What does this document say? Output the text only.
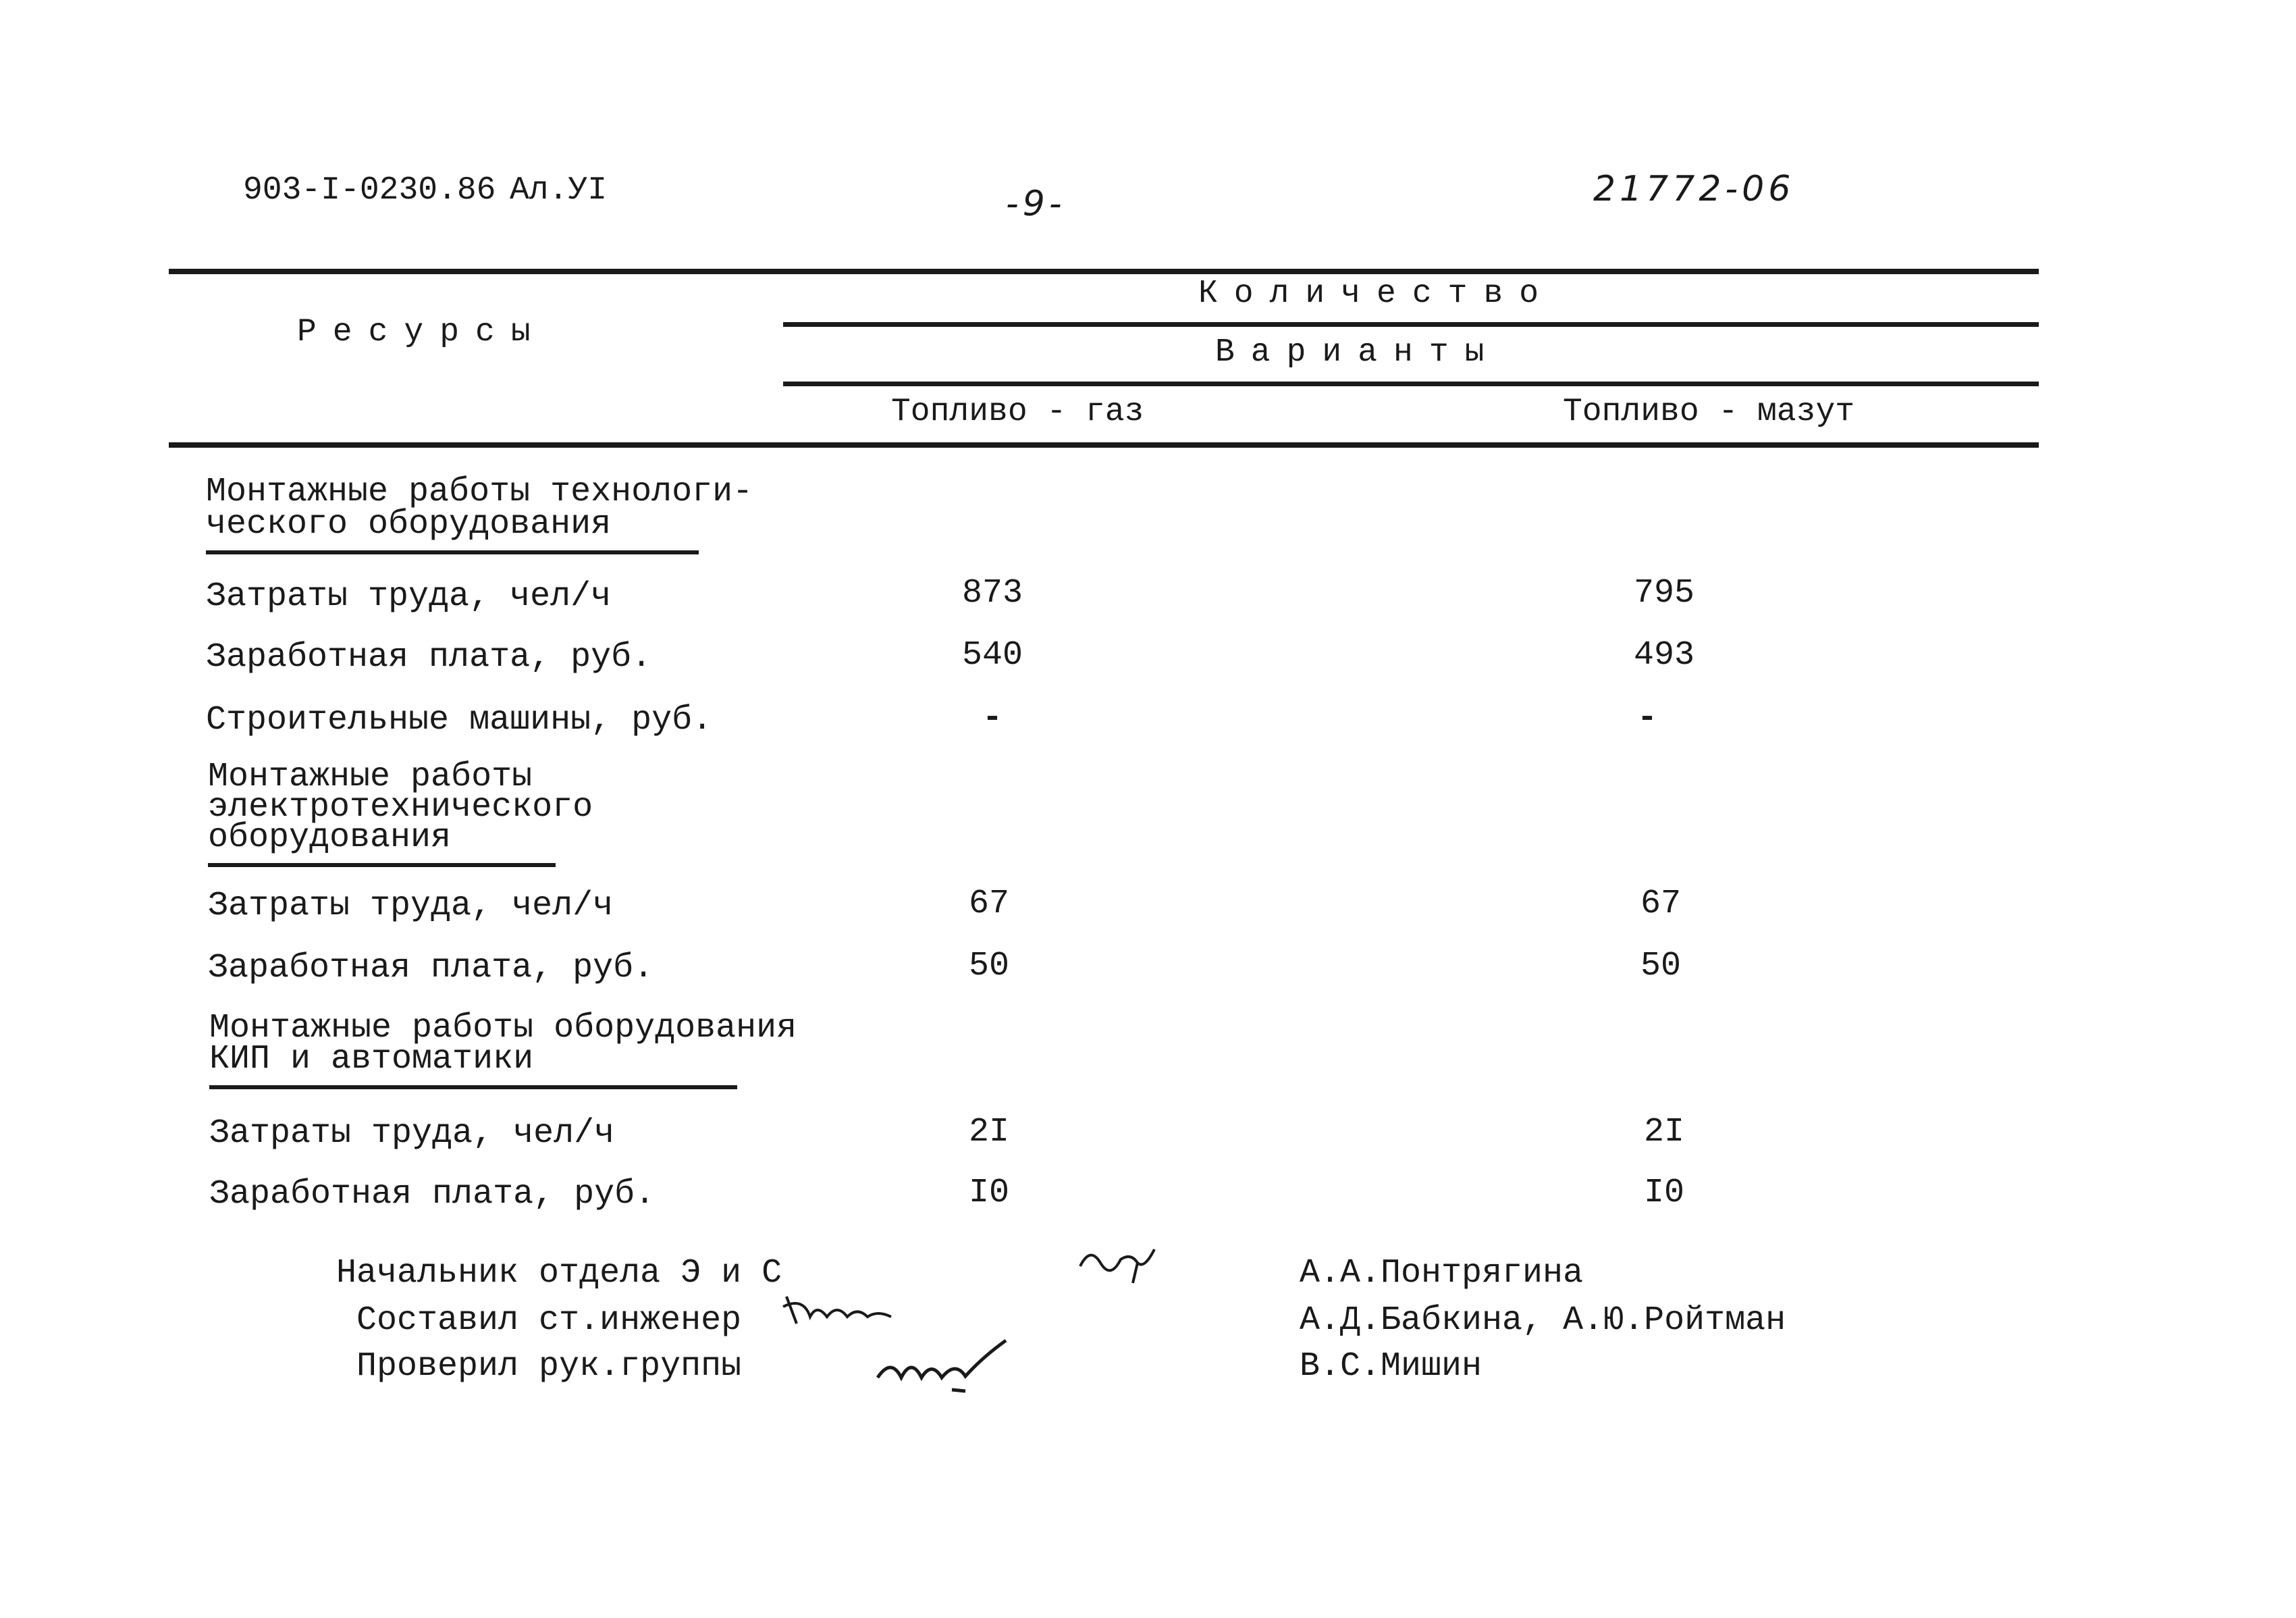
903-I-0230.86 Ал.УI	-9-	21772-06
Ресурсы
Количество
Варианты
Топливо - газ	Топливо - мазут
Монтажные работы технологи-
ческого оборудования
Затраты труда, чел/ч	873	795
Заработная плата, руб.	540	493
Строительные машины, руб.	-	-
Монтажные работы
электротехнического
оборудования
Затраты труда, чел/ч	67	67
Заработная плата, руб.	50	50
Монтажные работы оборудования
КИП и автоматики
Затраты труда, чел/ч	2I	2I
Заработная плата, руб.	I0	I0
Начальник отдела Э и С	А.А.Понтрягина
Составил ст.инженер	А.Д.Бабкина, А.Ю.Ройтман
Проверил рук.группы	В.С.Мишин
